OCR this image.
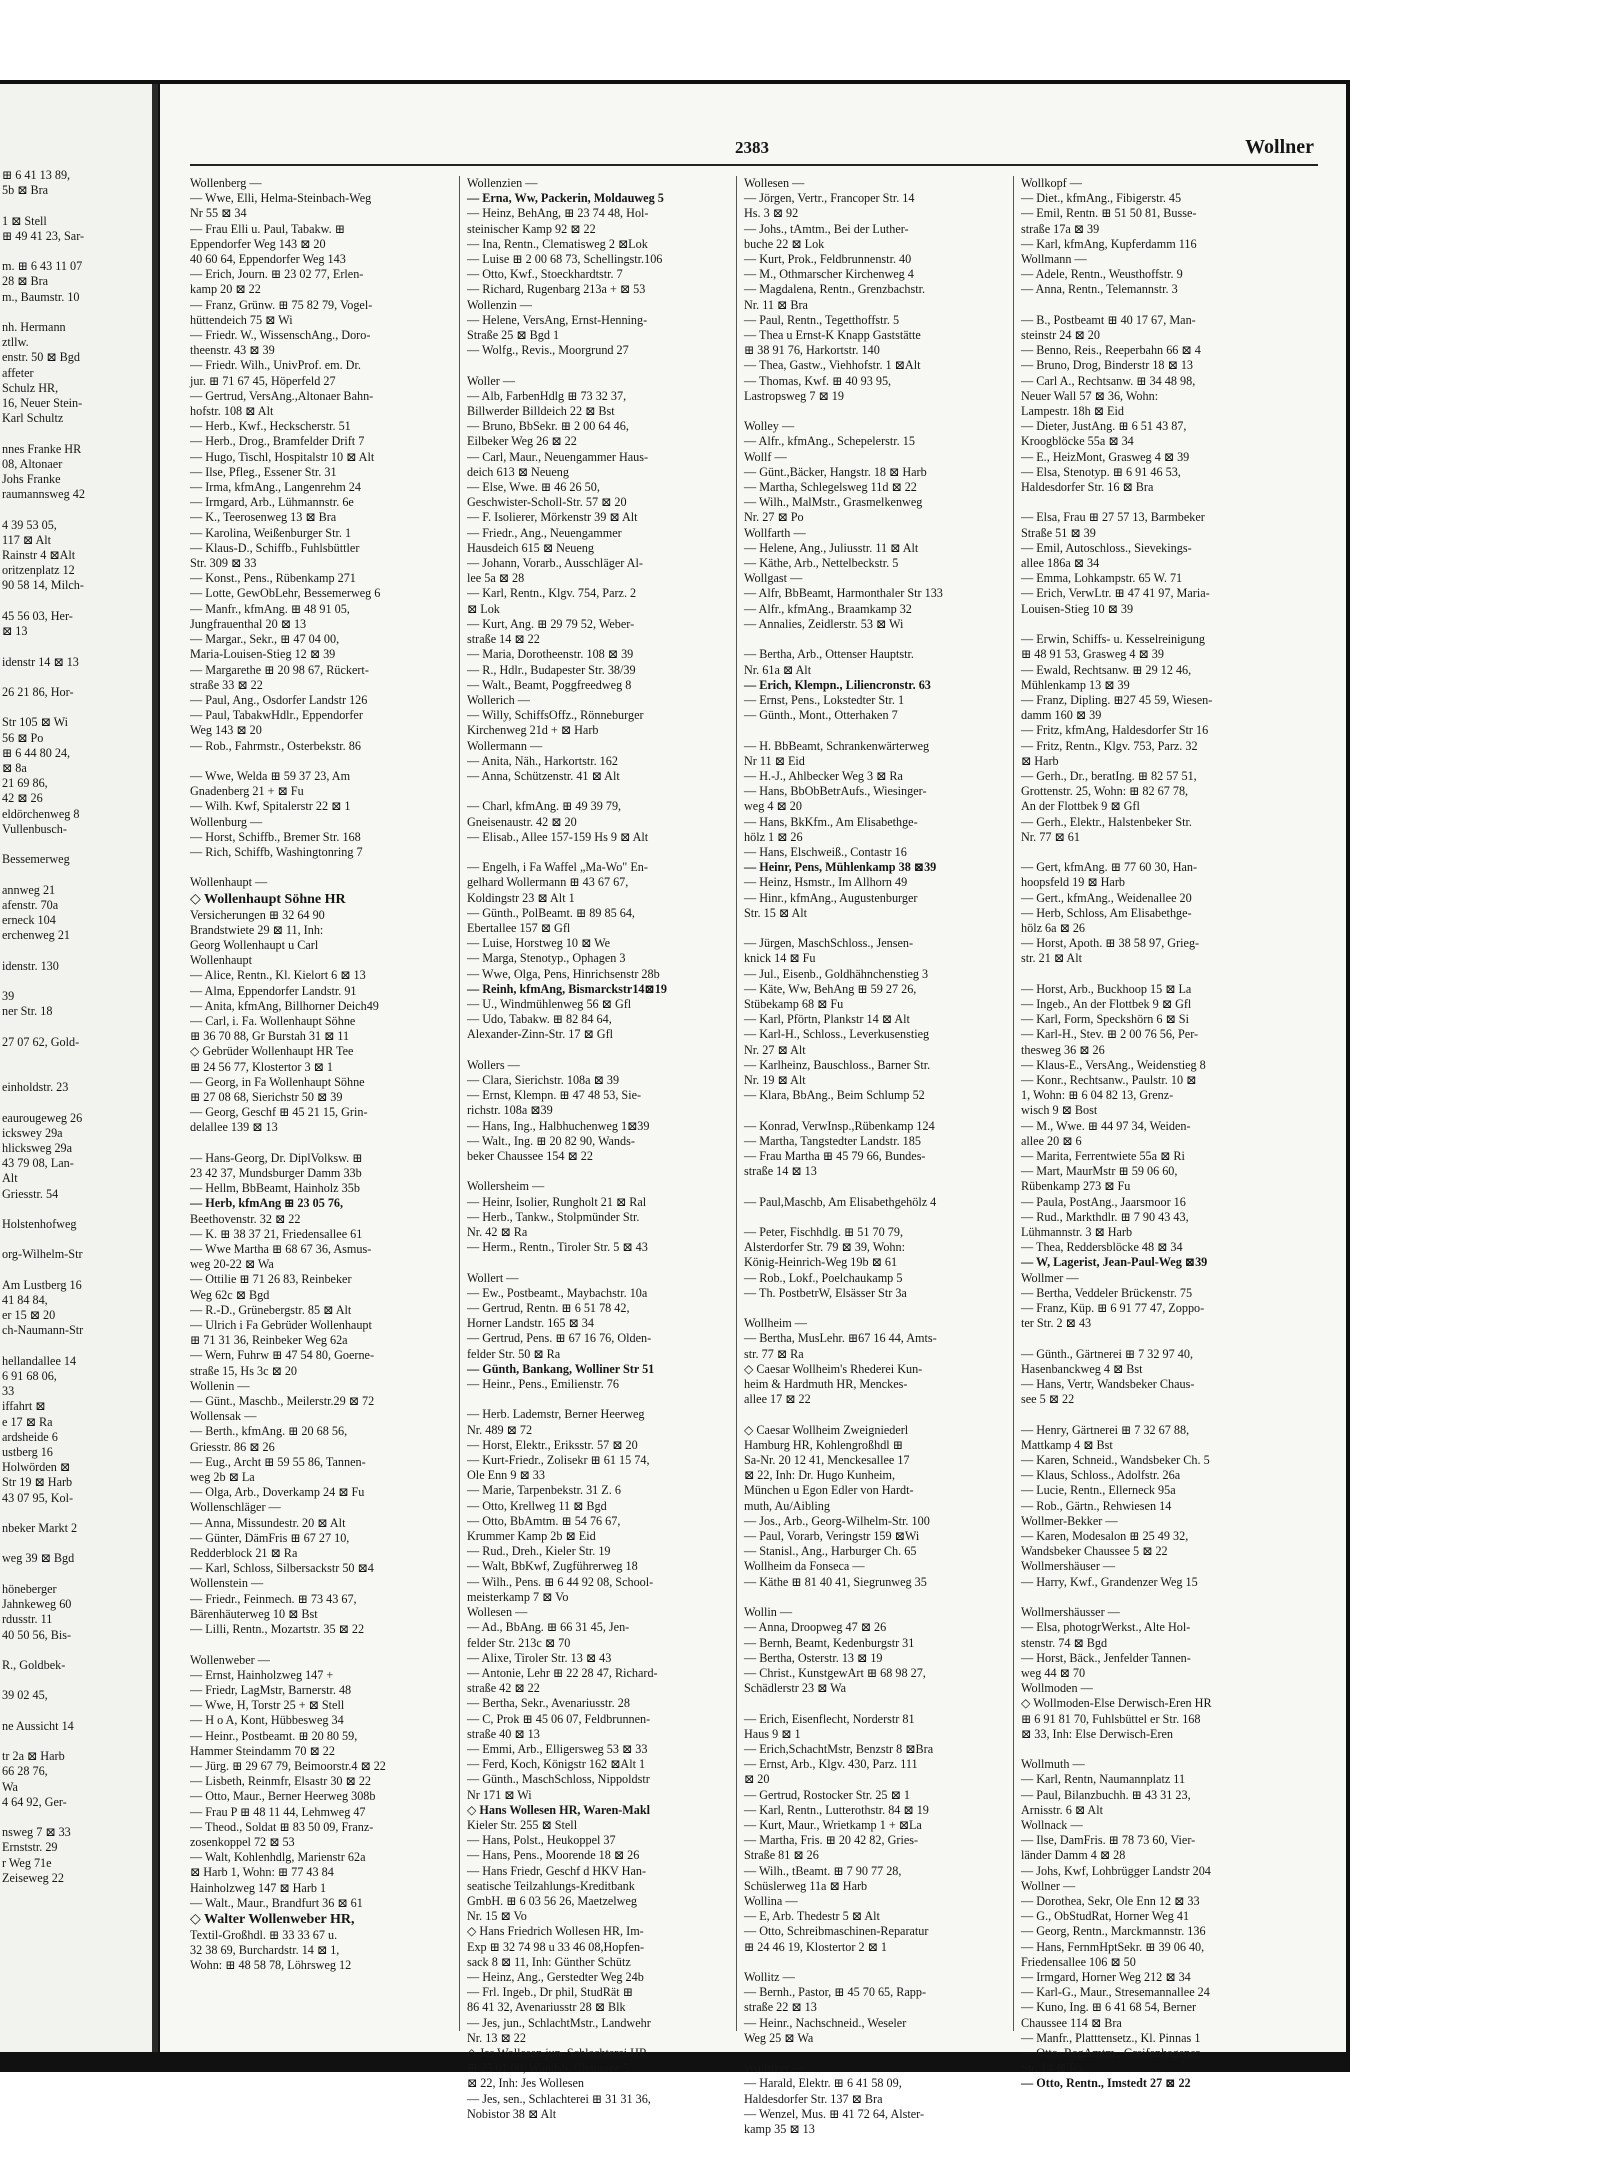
⊞ 6 41 13 89,
5b ⊠ Bra

1 ⊠ Stell
⊞ 49 41 23, Sar-

m. ⊞ 6 43 11 07
28 ⊠ Bra
m., Baumstr. 10

nh. Hermann
ztllw.
enstr. 50 ⊠ Bgd
affeter
Schulz HR,
16, Neuer Stein-
Karl Schultz

nnes Franke HR
08, Altonaer
Johs Franke
raumannsweg 42

4 39 53 05,
117 ⊠ Alt
Rainstr 4 ⊠Alt
oritzenplatz 12
90 58 14, Milch-

45 56 03, Her-
⊠ 13

idenstr 14 ⊠ 13

26 21 86, Hor-

Str 105 ⊠ Wi
56 ⊠ Po
⊞ 6 44 80 24,
⊠ 8a
21 69 86,
42 ⊠ 26
eldörchenweg 8
Vullenbusch-

Bessemerweg

annweg 21
afenstr. 70a
erneck 104
erchenweg 21

idenstr. 130

39
ner Str. 18

27 07 62, Gold-

einholdstr. 23

eaurougeweg 26
ickswey 29a
hlicksweg 29a
43 79 08, Lan-
Alt
Griesstr. 54

Holstenhofweg

org-Wilhelm-Str

Am Lustberg 16
41 84 84,
er 15 ⊠ 20
ch-Naumann-Str

hellandallee 14
6 91 68 06,
33
iffahrt ⊠
e 17 ⊠ Ra
ardsheide 6
ustberg 16
Holwörden ⊠
Str 19 ⊠ Harb
43 07 95, Kol-

nbeker Markt 2

weg 39 ⊠ Bgd

höneberger
Jahnkeweg 60
rdusstr. 11
40 50 56, Bis-

R., Goldbek-

39 02 45,

ne Aussicht 14

tr 2a ⊠ Harb
66 28 76,
Wa
4 64 92, Ger-

nsweg 7 ⊠ 33
Ernststr. 29
r Weg 71e
Zeiseweg 22
2383	Wollner
Wollenberg —
— Wwe, Elli, Helma-Steinbach-Weg
Nr 55 ⊠ 34
— Frau Elli u. Paul, Tabakw. ⊞
Eppendorfer Weg 143 ⊠ 20
40 60 64, Eppendorfer Weg 143
— Erich, Journ. ⊞ 23 02 77, Erlen-
kamp 20 ⊠ 22
— Franz, Grünw. ⊞ 75 82 79, Vogel-
hüttendeich 75 ⊠ Wi
— Friedr. W., WissenschAng., Doro-
theenstr. 43 ⊠ 39
— Friedr. Wilh., UnivProf. em. Dr.
jur. ⊞ 71 67 45, Höperfeld 27
— Gertrud, VersAng.,Altonaer Bahn-
hofstr. 108 ⊠ Alt
— Herb., Kwf., Heckscherstr. 51
— Herb., Drog., Bramfelder Drift 7
— Hugo, Tischl, Hospitalstr 10 ⊠ Alt
— Ilse, Pfleg., Essener Str. 31
— Irma, kfmAng., Langenrehm 24
— Irmgard, Arb., Lühmannstr. 6e
— K., Teerosenweg 13 ⊠ Bra
— Karolina, Weißenburger Str. 1
— Klaus-D., Schiffb., Fuhlsbüttler
Str. 309 ⊠ 33
— Konst., Pens., Rübenkamp 271
— Lotte, GewObLehr, Bessemerweg 6
— Manfr., kfmAng. ⊞ 48 91 05,
Jungfrauenthal 20 ⊠ 13
— Margar., Sekr., ⊞ 47 04 00,
Maria-Louisen-Stieg 12 ⊠ 39
— Margarethe ⊞ 20 98 67, Rückert-
straße 33 ⊠ 22
— Paul, Ang., Osdorfer Landstr 126
— Paul, TabakwHdlr., Eppendorfer
Weg 143 ⊠ 20
— Rob., Fahrmstr., Osterbekstr. 86

— Wwe, Welda ⊞ 59 37 23, Am
Gnadenberg 21 + ⊠ Fu
— Wilh. Kwf, Spitalerstr 22 ⊠ 1
Wollenburg —
— Horst, Schiffb., Bremer Str. 168
— Rich, Schiffb, Washingtonring 7

Wollenhaupt —
◇ Wollenhaupt Söhne HR
Versicherungen ⊞ 32 64 90
Brandstwiete 29 ⊠ 11, Inh:
Georg Wollenhaupt u Carl
Wollenhaupt
— Alice, Rentn., Kl. Kielort 6 ⊠ 13
— Alma, Eppendorfer Landstr. 91
— Anita, kfmAng, Billhorner Deich49
— Carl, i. Fa. Wollenhaupt Söhne
⊞ 36 70 88, Gr Burstah 31 ⊠ 11
◇ Gebrüder Wollenhaupt HR Tee
⊞ 24 56 77, Klostertor 3 ⊠ 1
— Georg, in Fa Wollenhaupt Söhne
⊞ 27 08 68, Sierichstr 50 ⊠ 39
— Georg, Geschf ⊞ 45 21 15, Grin-
delallee 139 ⊠ 13

— Hans-Georg, Dr. DiplVolksw. ⊞
23 42 37, Mundsburger Damm 33b
— Hellm, BbBeamt, Hainholz 35b
— Herb, kfmAng ⊞ 23 05 76,
Beethovenstr. 32 ⊠ 22
— K. ⊞ 38 37 21, Friedensallee 61
— Wwe Martha ⊞ 68 67 36, Asmus-
weg 20-22 ⊠ Wa
— Ottilie ⊞ 71 26 83, Reinbeker
Weg 62c ⊠ Bgd
— R.-D., Grünebergstr. 85 ⊠ Alt
— Ulrich i Fa Gebrüder Wollenhaupt
⊞ 71 31 36, Reinbeker Weg 62a
— Wern, Fuhrw ⊞ 47 54 80, Goerne-
straße 15, Hs 3c ⊠ 20
Wollenin —
— Günt., Maschb., Meilerstr.29 ⊠ 72
Wollensak —
— Berth., kfmAng. ⊞ 20 68 56,
Griesstr. 86 ⊠ 26
— Eug., Archt ⊞ 59 55 86, Tannen-
weg 2b ⊠ La
— Olga, Arb., Doverkamp 24 ⊠ Fu
Wollenschläger —
— Anna, Missundestr. 20 ⊠ Alt
— Günter, DämFris ⊞ 67 27 10,
Redderblock 21 ⊠ Ra
— Karl, Schloss, Silbersackstr 50 ⊠4
Wollenstein —
— Friedr., Feinmech. ⊞ 73 43 67,
Bärenhäuterweg 10 ⊠ Bst
— Lilli, Rentn., Mozartstr. 35 ⊠ 22

Wollenweber —
— Ernst, Hainholzweg 147 +
— Friedr, LagMstr, Barnerstr. 48
— Wwe, H, Torstr 25 + ⊠ Stell
— H o A, Kont, Hübbesweg 34
— Heinr., Postbeamt. ⊞ 20 80 59,
Hammer Steindamm 70 ⊠ 22
— Jürg. ⊞ 29 67 79, Beimoorstr.4 ⊠ 22
— Lisbeth, Reinmfr, Elsastr 30 ⊠ 22
— Otto, Maur., Berner Heerweg 308b
— Frau P ⊞ 48 11 44, Lehmweg 47
— Theod., Soldat ⊞ 83 50 09, Franz-
zosenkoppel 72 ⊠ 53
— Walt, Kohlenhdlg, Marienstr 62a
⊠ Harb 1, Wohn: ⊞ 77 43 84
Hainholzweg 147 ⊠ Harb 1
— Walt., Maur., Brandfurt 36 ⊠ 61
◇ Walter Wollenweber HR,
Textil-Großhdl. ⊞ 33 33 67 u.
32 38 69, Burchardstr. 14 ⊠ 1,
Wohn: ⊞ 48 58 78, Löhrsweg 12
Wollenzien —
— Erna, Ww, Packerin, Moldauweg 5
— Heinz, BehAng, ⊞ 23 74 48, Hol-
steinischer Kamp 92 ⊠ 22
— Ina, Rentn., Clematisweg 2 ⊠Lok
— Luise ⊞ 2 00 68 73, Schellingstr.106
— Otto, Kwf., Stoeckhardtstr. 7
— Richard, Rugenbarg 213a + ⊠ 53
Wollenzin —
— Helene, VersAng, Ernst-Henning-
Straße 25 ⊠ Bgd 1
— Wolfg., Revis., Moorgrund 27

Woller —
— Alb, FarbenHdlg ⊞ 73 32 37,
Billwerder Billdeich 22 ⊠ Bst
— Bruno, BbSekr. ⊞ 2 00 64 46,
Eilbeker Weg 26 ⊠ 22
— Carl, Maur., Neuengammer Haus-
deich 613 ⊠ Neueng
— Else, Wwe. ⊞ 46 26 50,
Geschwister-Scholl-Str. 57 ⊠ 20
— F. Isolierer, Mörkenstr 39 ⊠ Alt
— Friedr., Ang., Neuengammer
Hausdeich 615 ⊠ Neueng
— Johann, Vorarb., Ausschläger Al-
lee 5a ⊠ 28
— Karl, Rentn., Klgv. 754, Parz. 2
⊠ Lok
— Kurt, Ang. ⊞ 29 79 52, Weber-
straße 14 ⊠ 22
— Maria, Dorotheenstr. 108 ⊠ 39
— R., Hdlr., Budapester Str. 38/39
— Walt., Beamt, Poggfreedweg 8
Wollerich —
— Willy, SchiffsOffz., Rönneburger
Kirchenweg 21d + ⊠ Harb
Wollermann —
— Anita, Näh., Harkortstr. 162
— Anna, Schützenstr. 41 ⊠ Alt

— Charl, kfmAng. ⊞ 49 39 79,
Gneisenaustr. 42 ⊠ 20
— Elisab., Allee 157-159 Hs 9 ⊠ Alt

— Engelh, i Fa Waffel „Ma-Wo" En-
gelhard Wollermann ⊞ 43 67 67,
Koldingstr 23 ⊠ Alt 1
— Günth., PolBeamt. ⊞ 89 85 64,
Ebertallee 157 ⊠ Gfl
— Luise, Horstweg 10 ⊠ We
— Marga, Stenotyp., Ophagen 3
— Wwe, Olga, Pens, Hinrichsenstr 28b
— Reinh, kfmAng, Bismarckstr14⊠19
— U., Windmühlenweg 56 ⊠ Gfl
— Udo, Tabakw. ⊞ 82 84 64,
Alexander-Zinn-Str. 17 ⊠ Gfl

Wollers —
— Clara, Sierichstr. 108a ⊠ 39
— Ernst, Klempn. ⊞ 47 48 53, Sie-
richstr. 108a ⊠39
— Hans, Ing., Halbhuchenweg 1⊠39
— Walt., Ing. ⊞ 20 82 90, Wands-
beker Chaussee 154 ⊠ 22

Wollersheim —
— Heinr, Isolier, Rungholt 21 ⊠ Ral
— Herb., Tankw., Stolpmünder Str.
Nr. 42 ⊠ Ra
— Herm., Rentn., Tiroler Str. 5 ⊠ 43

Wollert —
— Ew., Postbeamt., Maybachstr. 10a
— Gertrud, Rentn. ⊞ 6 51 78 42,
Horner Landstr. 165 ⊠ 34
— Gertrud, Pens. ⊞ 67 16 76, Olden-
felder Str. 50 ⊠ Ra
— Günth, Bankang, Wolliner Str 51
— Heinr., Pens., Emilienstr. 76

— Herb. Lademstr, Berner Heerweg
Nr. 489 ⊠ 72
— Horst, Elektr., Eriksstr. 57 ⊠ 20
— Kurt-Friedr., Zolisekr ⊞ 61 15 74,
Ole Enn 9 ⊠ 33
— Marie, Tarpenbekstr. 31 Z. 6
— Otto, Krellweg 11 ⊠ Bgd
— Otto, BbAmtm. ⊞ 54 76 67,
Krummer Kamp 2b ⊠ Eid
— Rud., Dreh., Kieler Str. 19
— Walt, BbKwf, Zugführerweg 18
— Wilh., Pens. ⊞ 6 44 92 08, School-
meisterkamp 7 ⊠ Vo
Wollesen —
— Ad., BbAng. ⊞ 66 31 45, Jen-
felder Str. 213c ⊠ 70
— Alixe, Tiroler Str. 13 ⊠ 43
— Antonie, Lehr ⊞ 22 28 47, Richard-
straße 42 ⊠ 22
— Bertha, Sekr., Avenariusstr. 28
— C, Prok ⊞ 45 06 07, Feldbrunnen-
straße 40 ⊠ 13
— Emmi, Arb., Elligersweg 53 ⊠ 33
— Ferd, Koch, Königstr 162 ⊠Alt 1
— Günth., MaschSchloss, Nippoldstr
Nr 171 ⊠ Wi
◇ Hans Wollesen HR, Waren-Makl
Kieler Str. 255 ⊠ Stell
— Hans, Polst., Heukoppel 37
— Hans, Pens., Moorende 18 ⊠ 26
— Hans Friedr, Geschf d HKV Han-
seatische Teilzahlungs-Kreditbank
GmbH. ⊞ 6 03 56 26, Maetzelweg
Nr. 15 ⊠ Vo
◇ Hans Friedrich Wollesen HR, Im-
Exp ⊞ 32 74 98 u 33 46 08,Hopfen-
sack 8 ⊠ 11, Inh: Günther Schütz
— Heinz, Ang., Gerstedter Weg 24b
— Frl. Ingeb., Dr phil, StudRät ⊞
86 41 32, Avenariusstr 28 ⊠ Blk
— Jes, jun., SchlachtMstr., Landwehr
Nr. 13 ⊠ 22
◇ Jes Wollesen jun. Schlachterei HR
⊞ 25 61 00, Wandsb. Chaussee 5
⊠ 22, Inh: Jes Wollesen
— Jes, sen., Schlachterei ⊞ 31 31 36,
Nobistor 38 ⊠ Alt
Wollesen —
— Jörgen, Vertr., Francoper Str. 14
Hs. 3 ⊠ 92
— Johs., tAmtm., Bei der Luther-
buche 22 ⊠ Lok
— Kurt, Prok., Feldbrunnenstr. 40
— M., Othmarscher Kirchenweg 4
— Magdalena, Rentn., Grenzbachstr.
Nr. 11 ⊠ Bra
— Paul, Rentn., Tegetthoffstr. 5
— Thea u Ernst-K Knapp Gaststätte
⊞ 38 91 76, Harkortstr. 140
— Thea, Gastw., Viehhofstr. 1 ⊠Alt
— Thomas, Kwf. ⊞ 40 93 95,
Lastropsweg 7 ⊠ 19

Wolley —
— Alfr., kfmAng., Schepelerstr. 15
Wollf —
— Günt.,Bäcker, Hangstr. 18 ⊠ Harb
— Martha, Schlegelsweg 11d ⊠ 22
— Wilh., MalMstr., Grasmelkenweg
Nr. 27 ⊠ Po
Wollfarth —
— Helene, Ang., Juliusstr. 11 ⊠ Alt
— Käthe, Arb., Nettelbeckstr. 5
Wollgast —
— Alfr, BbBeamt, Harmonthaler Str 133
— Alfr., kfmAng., Braamkamp 32
— Annalies, Zeidlerstr. 53 ⊠ Wi

— Bertha, Arb., Ottenser Hauptstr.
Nr. 61a ⊠ Alt
— Erich, Klempn., Liliencronstr. 63
— Ernst, Pens., Lokstedter Str. 1
— Günth., Mont., Otterhaken 7

— H. BbBeamt, Schrankenwärterweg
Nr 11 ⊠ Eid
— H.-J., Ahlbecker Weg 3 ⊠ Ra
— Hans, BbObBetrAufs., Wiesinger-
weg 4 ⊠ 20
— Hans, BkKfm., Am Elisabethge-
hölz 1 ⊠ 26
— Hans, Elschweiß., Contastr 16
— Heinr, Pens, Mühlenkamp 38 ⊠39
— Heinz, Hsmstr., Im Allhorn 49
— Hinr., kfmAng., Augustenburger
Str. 15 ⊠ Alt

— Jürgen, MaschSchloss., Jensen-
knick 14 ⊠ Fu
— Jul., Eisenb., Goldhähnchenstieg 3
— Käte, Ww, BehAng ⊞ 59 27 26,
Stübekamp 68 ⊠ Fu
— Karl, Pförtn, Plankstr 14 ⊠ Alt
— Karl-H., Schloss., Leverkusenstieg
Nr. 27 ⊠ Alt
— Karlheinz, Bauschloss., Barner Str.
Nr. 19 ⊠ Alt
— Klara, BbAng., Beim Schlump 52

— Konrad, VerwInsp.,Rübenkamp 124
— Martha, Tangstedter Landstr. 185
— Frau Martha ⊞ 45 79 66, Bundes-
straße 14 ⊠ 13

— Paul,Maschb, Am Elisabethgehölz 4

— Peter, Fischhdlg. ⊞ 51 70 79,
Alsterdorfer Str. 79 ⊠ 39, Wohn:
König-Heinrich-Weg 19b ⊠ 61
— Rob., Lokf., Poelchaukamp 5
— Th. PostbetrW, Elsässer Str 3a

Wollheim —
— Bertha, MusLehr. ⊞67 16 44, Amts-
str. 77 ⊠ Ra
◇ Caesar Wollheim's Rhederei Kun-
heim & Hardmuth HR, Menckes-
allee 17 ⊠ 22

◇ Caesar Wollheim Zweigniederl
Hamburg HR, Kohlengroßhdl ⊞
Sa-Nr. 20 12 41, Menckesallee 17
⊠ 22, Inh: Dr. Hugo Kunheim,
München u Egon Edler von Hardt-
muth, Au/Aibling
— Jos., Arb., Georg-Wilhelm-Str. 100
— Paul, Vorarb, Veringstr 159 ⊠Wi
— Stanisl., Ang., Harburger Ch. 65
Wollheim da Fonseca —
— Käthe ⊞ 81 40 41, Siegrunweg 35

Wollin —
— Anna, Droopweg 47 ⊠ 26
— Bernh, Beamt, Kedenburgstr 31
— Bertha, Osterstr. 13 ⊠ 19
— Christ., KunstgewArt ⊞ 68 98 27,
Schädlerstr 23 ⊠ Wa

— Erich, Eisenflecht, Norderstr 81
Haus 9 ⊠ 1
— Erich,SchachtMstr, Benzstr 8 ⊠Bra
— Ernst, Arb., Klgv. 430, Parz. 111
⊠ 20
— Gertrud, Rostocker Str. 25 ⊠ 1
— Karl, Rentn., Lutterothstr. 84 ⊠ 19
— Kurt, Maur., Wrietkamp 1 + ⊠La
— Martha, Fris. ⊞ 20 42 82, Gries-
Straße 81 ⊠ 26
— Wilh., tBeamt. ⊞ 7 90 77 28,
Schüslerweg 11a ⊠ Harb
Wollina —
— E, Arb. Thedestr 5 ⊠ Alt
— Otto, Schreibmaschinen-Reparatur
⊞ 24 46 19, Klostertor 2 ⊠ 1

Wollitz —
— Bernh., Pastor, ⊞ 45 70 65, Rapp-
straße 22 ⊠ 13
— Heinr., Nachschneid., Weseler
Weg 25 ⊠ Wa

Wollitzer —
— Harald, Elektr. ⊞ 6 41 58 09,
Haldesdorfer Str. 137 ⊠ Bra
— Wenzel, Mus. ⊞ 41 72 64, Alster-
kamp 35 ⊠ 13
Wollkopf —
— Diet., kfmAng., Fibigerstr. 45
— Emil, Rentn. ⊞ 51 50 81, Busse-
straße 17a ⊠ 39
— Karl, kfmAng, Kupferdamm 116
Wollmann —
— Adele, Rentn., Weusthoffstr. 9
— Anna, Rentn., Telemannstr. 3

— B., Postbeamt ⊞ 40 17 67, Man-
steinstr 24 ⊠ 20
— Benno, Reis., Reeperbahn 66 ⊠ 4
— Bruno, Drog, Binderstr 18 ⊠ 13
— Carl A., Rechtsanw. ⊞ 34 48 98,
Neuer Wall 57 ⊠ 36, Wohn:
Lampestr. 18h ⊠ Eid
— Dieter, JustAng. ⊞ 6 51 43 87,
Kroogblöcke 55a ⊠ 34
— E., HeizMont, Grasweg 4 ⊠ 39
— Elsa, Stenotyp. ⊞ 6 91 46 53,
Haldesdorfer Str. 16 ⊠ Bra

— Elsa, Frau ⊞ 27 57 13, Barmbeker
Straße 51 ⊠ 39
— Emil, Autoschloss., Sievekings-
allee 186a ⊠ 34
— Emma, Lohkampstr. 65 W. 71
— Erich, VerwLtr. ⊞ 47 41 97, Maria-
Louisen-Stieg 10 ⊠ 39

— Erwin, Schiffs- u. Kesselreinigung
⊞ 48 91 53, Grasweg 4 ⊠ 39
— Ewald, Rechtsanw. ⊞ 29 12 46,
Mühlenkamp 13 ⊠ 39
— Franz, Dipling. ⊞27 45 59, Wiesen-
damm 160 ⊠ 39
— Fritz, kfmAng, Haldesdorfer Str 16
— Fritz, Rentn., Klgv. 753, Parz. 32
⊠ Harb
— Gerh., Dr., beratIng. ⊞ 82 57 51,
Grottenstr. 25, Wohn: ⊞ 82 67 78,
An der Flottbek 9 ⊠ Gfl
— Gerh., Elektr., Halstenbeker Str.
Nr. 77 ⊠ 61

— Gert, kfmAng. ⊞ 77 60 30, Han-
hoopsfeld 19 ⊠ Harb
— Gert., kfmAng., Weidenallee 20
— Herb, Schloss, Am Elisabethge-
hölz 6a ⊠ 26
— Horst, Apoth. ⊞ 38 58 97, Grieg-
str. 21 ⊠ Alt

— Horst, Arb., Buckhoop 15 ⊠ La
— Ingeb., An der Flottbek 9 ⊠ Gfl
— Karl, Form, Speckshörn 6 ⊠ Si
— Karl-H., Stev. ⊞ 2 00 76 56, Per-
thesweg 36 ⊠ 26
— Klaus-E., VersAng., Weidenstieg 8
— Konr., Rechtsanw., Paulstr. 10 ⊠
1, Wohn: ⊞ 6 04 82 13, Grenz-
wisch 9 ⊠ Bost
— M., Wwe. ⊞ 44 97 34, Weiden-
allee 20 ⊠ 6
— Marita, Ferrentwiete 55a ⊠ Ri
— Mart, MaurMstr ⊞ 59 06 60,
Rübenkamp 273 ⊠ Fu
— Paula, PostAng., Jaarsmoor 16
— Rud., Markthdlr. ⊞ 7 90 43 43,
Lühmannstr. 3 ⊠ Harb
— Thea, Reddersblöcke 48 ⊠ 34
— W, Lagerist, Jean-Paul-Weg ⊠39
Wollmer —
— Bertha, Veddeler Brückenstr. 75
— Franz, Küp. ⊞ 6 91 77 47, Zoppo-
ter Str. 2 ⊠ 43

— Günth., Gärtnerei ⊞ 7 32 97 40,
Hasenbanckweg 4 ⊠ Bst
— Hans, Vertr, Wandsbeker Chaus-
see 5 ⊠ 22

— Henry, Gärtnerei ⊞ 7 32 67 88,
Mattkamp 4 ⊠ Bst
— Karen, Schneid., Wandsbeker Ch. 5
— Klaus, Schloss., Adolfstr. 26a
— Lucie, Rentn., Ellerneck 95a
— Rob., Gärtn., Rehwiesen 14
Wollmer-Bekker —
— Karen, Modesalon ⊞ 25 49 32,
Wandsbeker Chaussee 5 ⊠ 22
Wollmershäuser —
— Harry, Kwf., Grandenzer Weg 15

Wollmershäusser —
— Elsa, photogrWerkst., Alte Hol-
stenstr. 74 ⊠ Bgd
— Horst, Bäck., Jenfelder Tannen-
weg 44 ⊠ 70
Wollmoden —
◇ Wollmoden-Else Derwisch-Eren HR
⊞ 6 91 81 70, Fuhlsbüttel er Str. 168
⊠ 33, Inh: Else Derwisch-Eren

Wollmuth —
— Karl, Rentn, Naumannplatz 11
— Paul, Bilanzbuchh. ⊞ 43 31 23,
Arnisstr. 6 ⊠ Alt
Wollnack —
— Ilse, DamFris. ⊞ 78 73 60, Vier-
länder Damm 4 ⊠ 28
— Johs, Kwf, Lohbrügger Landstr 204
Wollner —
— Dorothea, Sekr, Ole Enn 12 ⊠ 33
— G., ObStudRat, Horner Weg 41
— Georg, Rentn., Marckmannstr. 136
— Hans, FernmHptSekr. ⊞ 39 06 40,
Friedensallee 106 ⊠ 50
— Irmgard, Horner Weg 212 ⊠ 34
— Karl-G., Maur., Stresemannallee 24
— Kuno, Ing. ⊞ 6 41 68 54, Berner
Chaussee 114 ⊠ Bra
— Manfr., Platttensetz., Kl. Pinnas 1
— Otto, RegAmtm., Greifenhagener
Str. 14 ⊠ Ra
— Otto, Rentn., Imstedt 27 ⊠ 22
